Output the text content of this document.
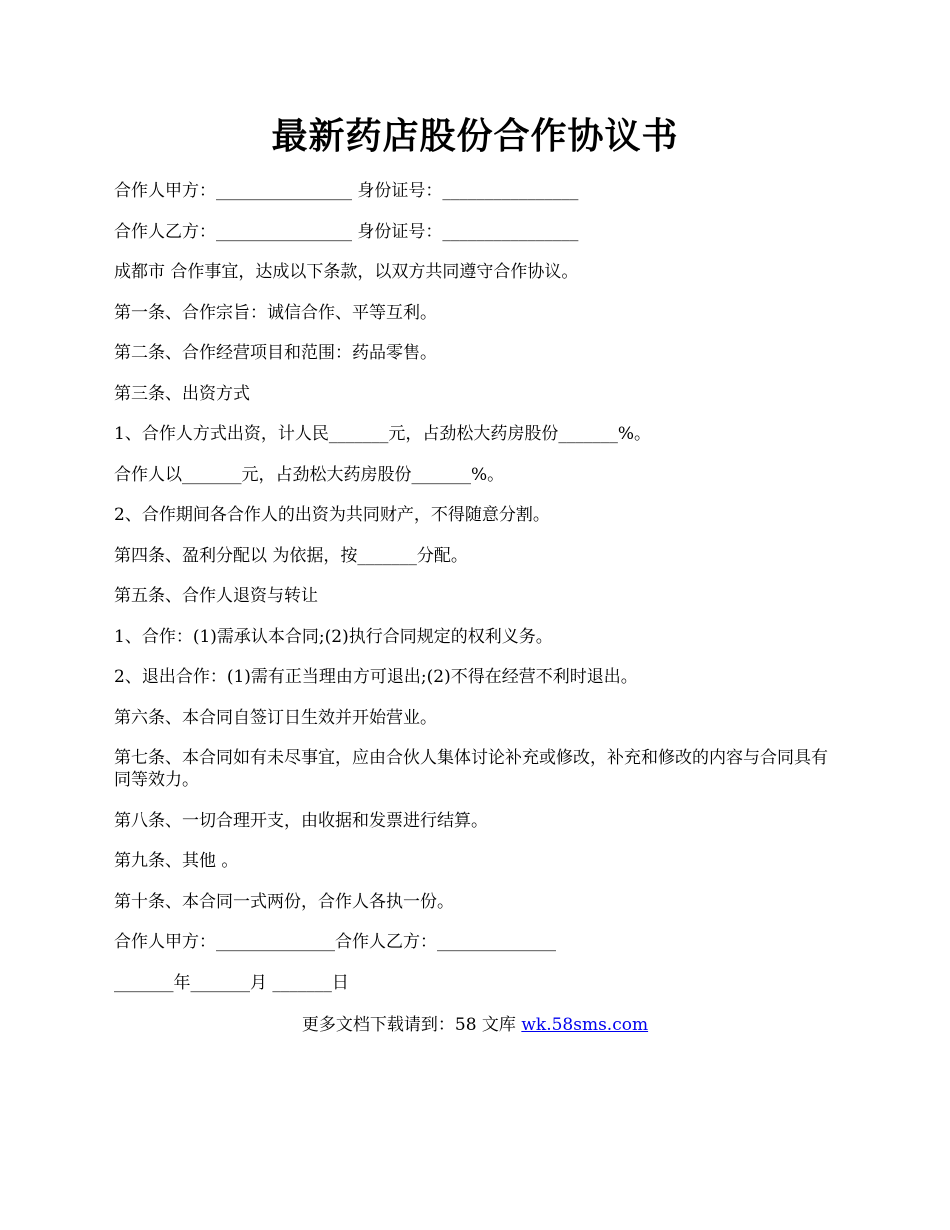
最新药店股份合作协议书

合作人甲方：________________ 身份证号：________________

合作人乙方：________________ 身份证号：________________

成都市 合作事宜，达成以下条款，以双方共同遵守合作协议。

第一条、合作宗旨：诚信合作、平等互利。

第二条、合作经营项目和范围：药品零售。

第三条、出资方式

1、合作人方式出资，计人民_______元，占劲松大药房股份_______%。

合作人以_______元，占劲松大药房股份_______%。

2、合作期间各合作人的出资为共同财产，不得随意分割。

第四条、盈利分配以 为依据，按_______分配。

第五条、合作人退资与转让

1、合作：(1)需承认本合同;(2)执行合同规定的权利义务。

2、退出合作：(1)需有正当理由方可退出;(2)不得在经营不利时退出。

第六条、本合同自签订日生效并开始营业。

第七条、本合同如有未尽事宜，应由合伙人集体讨论补充或修改，补充和修改的内容与合同具有同等效力。

第八条、一切合理开支，由收据和发票进行结算。

第九条、其他 。

第十条、本合同一式两份，合作人各执一份。

合作人甲方：______________合作人乙方：______________

_______年_______月 _______日

更多文档下载请到：58 文库 wk.58sms.com
